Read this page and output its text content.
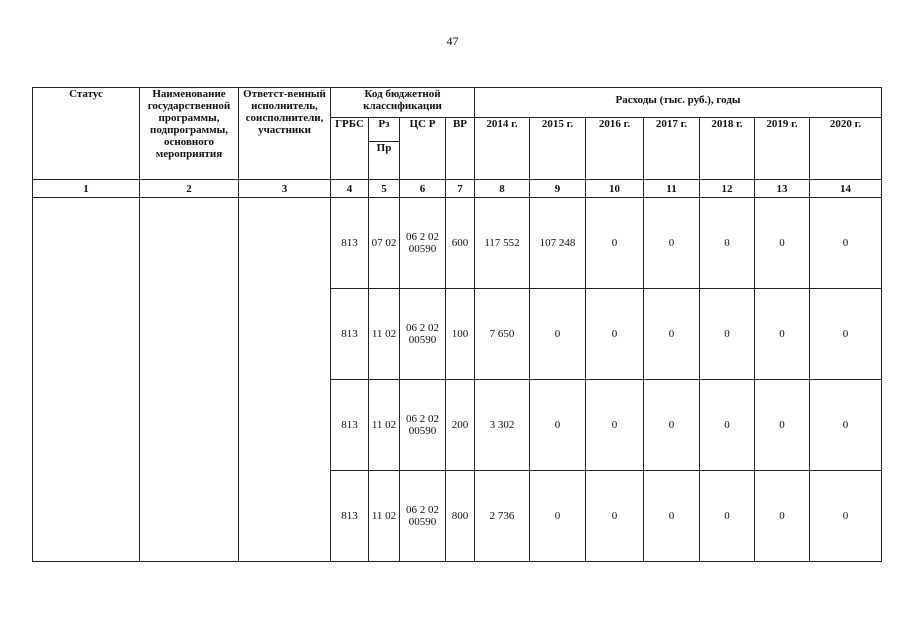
47
Статус	Наименование государственной программы, подпрограммы, основного мероприятия	Ответст-венный исполнитель, соисполнители, участники	Код бюджетной классификации				Расходы (тыс. руб.), годы						
			ГРБС	Рз	ЦС Р	ВР	2014 г.	2015 г.	2016 г.	2017 г.	2018 г.	2019 г.	2020 г.
				Пр									
1	2	3	4	5	6	7	8	9	10	11	12	13	14
			813	07 02	06 2 02 00590	600	117 552	107 248	0	0	0	0	0
			813	11 02	06 2 02 00590	100	7 650	0	0	0	0	0	0
			813	11 02	06 2 02 00590	200	3 302	0	0	0	0	0	0
			813	11 02	06 2 02 00590	800	2 736	0	0	0	0	0	0
